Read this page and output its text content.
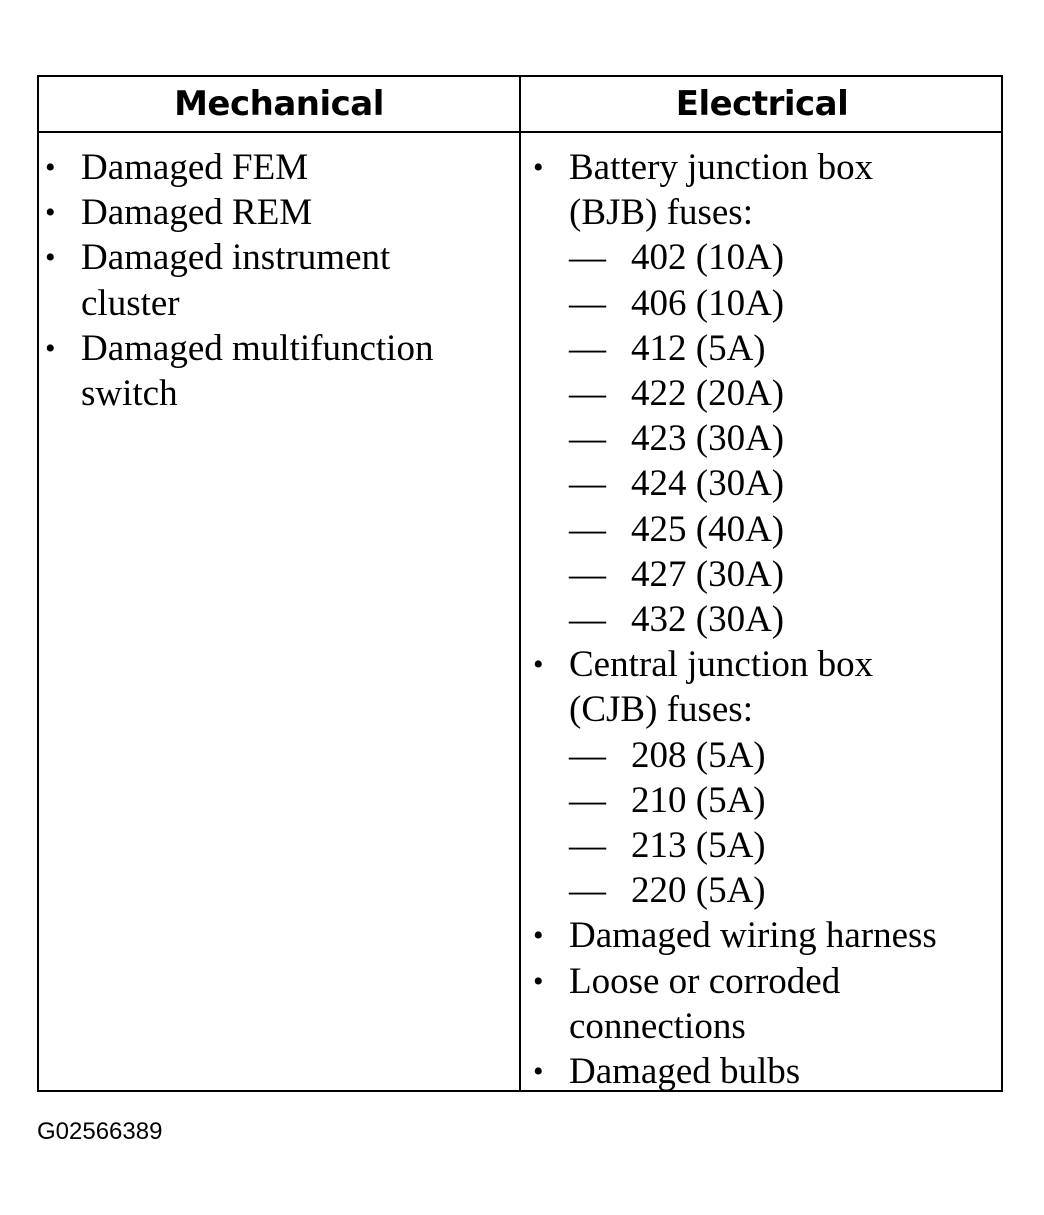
Mechanical	Electrical
• Damaged FEM
• Damaged REM
• Damaged instrument cluster
• Damaged multifunction switch
• Battery junction box (BJB) fuses:
— 402 (10A)
— 406 (10A)
— 412 (5A)
— 422 (20A)
— 423 (30A)
— 424 (30A)
— 425 (40A)
— 427 (30A)
— 432 (30A)
• Central junction box (CJB) fuses:
— 208 (5A)
— 210 (5A)
— 213 (5A)
— 220 (5A)
• Damaged wiring harness
• Loose or corroded connections
• Damaged bulbs
G02566389
